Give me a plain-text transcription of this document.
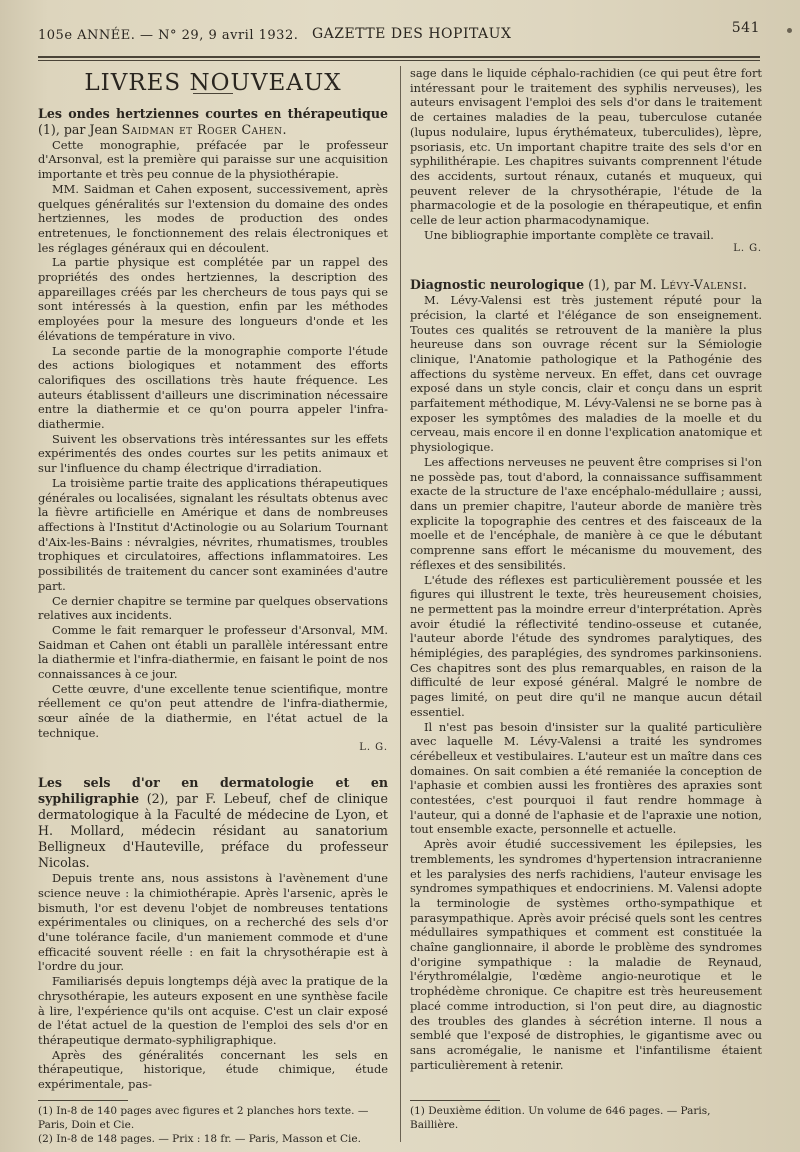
105e ANNÉE. — N° 29, 9 avril 1932. GAZETTE DES HOPITAUX	541
LIVRES NOUVEAUX

Les ondes hertziennes courtes en thérapeutique (1), par Jean Saidman et Roger Cahen.

Cette monographie, préfacée par le professeur d'Arsonval, est la première qui paraisse sur une acquisition importante et très peu connue de la physiothérapie.

MM. Saidman et Cahen exposent, successivement, après quelques généralités sur l'extension du domaine des ondes hertziennes, les modes de production des ondes entretenues, le fonctionnement des relais électroniques et les réglages généraux qui en découlent.

La partie physique est complétée par un rappel des propriétés des ondes hertziennes, la description des appareillages créés par les chercheurs de tous pays qui se sont intéressés à la question, enfin par les méthodes employées pour la mesure des longueurs d'onde et les élévations de température in vivo.

La seconde partie de la monographie comporte l'étude des actions biologiques et notamment des efforts calorifiques des oscillations très haute fréquence. Les auteurs établissent d'ailleurs une discrimination nécessaire entre la diathermie et ce qu'on pourra appeler l'infra-diathermie.

Suivent les observations très intéressantes sur les effets expérimentés des ondes courtes sur les petits animaux et sur l'influence du champ électrique d'irradiation.

La troisième partie traite des applications thérapeutiques générales ou localisées, signalant les résultats obtenus avec la fièvre artificielle en Amérique et dans de nombreuses affections à l'Institut d'Actinologie ou au Solarium Tournant d'Aix-les-Bains : névralgies, névrites, rhumatismes, troubles trophiques et circulatoires, affections inflammatoires. Les possibilités de traitement du cancer sont examinées d'autre part.

Ce dernier chapitre se termine par quelques observations relatives aux incidents.

Comme le fait remarquer le professeur d'Arsonval, MM. Saidman et Cahen ont établi un parallèle intéressant entre la diathermie et l'infra-diathermie, en faisant le point de nos connaissances à ce jour.

Cette œuvre, d'une excellente tenue scientifique, montre réellement ce qu'on peut attendre de l'infra-diathermie, sœur aînée de la diathermie, en l'état actuel de la technique.

L. G.

Les sels d'or en dermatologie et en syphiligraphie (2), par F. Lebeuf, chef de clinique dermatologique à la Faculté de médecine de Lyon, et H. Mollard, médecin résidant au sanatorium Belligneux d'Hauteville, préface du professeur Nicolas.

Depuis trente ans, nous assistons à l'avènement d'une science neuve : la chimiothérapie. Après l'arsenic, après le bismuth, l'or est devenu l'objet de nombreuses tentations expérimentales ou cliniques, on a recherché des sels d'or d'une tolérance facile, d'un maniement commode et d'une efficacité souvent réelle : en fait la chrysothérapie est à l'ordre du jour.

Familiarisés depuis longtemps déjà avec la pratique de la chrysothérapie, les auteurs exposent en une synthèse facile à lire, l'expérience qu'ils ont acquise. C'est un clair exposé de l'état actuel de la question de l'emploi des sels d'or en thérapeutique dermato-syphiligraphique.

Après des généralités concernant les sels en thérapeutique, historique, étude chimique, étude expérimentale, pas-

sage dans le liquide céphalo-rachidien (ce qui peut être fort intéressant pour le traitement des syphilis nerveuses), les auteurs envisagent l'emploi des sels d'or dans le traitement de certaines maladies de la peau, tuberculose cutanée (lupus nodulaire, lupus érythémateux, tuberculides), lèpre, psoriasis, etc. Un important chapitre traite des sels d'or en syphilithérapie. Les chapitres suivants comprennent l'étude des accidents, surtout rénaux, cutanés et muqueux, qui peuvent relever de la chrysothérapie, l'étude de la pharmacologie et de la posologie en thérapeutique, et enfin celle de leur action pharmacodynamique.

Une bibliographie importante complète ce travail.

L. G.

Diagnostic neurologique (1), par M. Lévy-Valensi.

M. Lévy-Valensi est très justement réputé pour la précision, la clarté et l'élégance de son enseignement. Toutes ces qualités se retrouvent de la manière la plus heureuse dans son ouvrage récent sur la Sémiologie clinique, l'Anatomie pathologique et la Pathogénie des affections du système nerveux. En effet, dans cet ouvrage exposé dans un style concis, clair et conçu dans un esprit parfaitement méthodique, M. Lévy-Valensi ne se borne pas à exposer les symptômes des maladies de la moelle et du cerveau, mais encore il en donne l'explication anatomique et physiologique.

Les affections nerveuses ne peuvent être comprises si l'on ne possède pas, tout d'abord, la connaissance suffisamment exacte de la structure de l'axe encéphalo-médullaire ; aussi, dans un premier chapitre, l'auteur aborde de manière très explicite la topographie des centres et des faisceaux de la moelle et de l'encéphale, de manière à ce que le débutant comprenne sans effort le mécanisme du mouvement, des réflexes et des sensibilités.

L'étude des réflexes est particulièrement poussée et les figures qui illustrent le texte, très heureusement choisies, ne permettent pas la moindre erreur d'interprétation. Après avoir étudié la réflectivité tendino-osseuse et cutanée, l'auteur aborde l'étude des syndromes paralytiques, des hémiplégies, des paraplégies, des syndromes parkinsoniens. Ces chapitres sont des plus remarquables, en raison de la difficulté de leur exposé général. Malgré le nombre de pages limité, on peut dire qu'il ne manque aucun détail essentiel.

Il n'est pas besoin d'insister sur la qualité particulière avec laquelle M. Lévy-Valensi a traité les syndromes cérébelleux et vestibulaires. L'auteur est un maître dans ces domaines. On sait combien a été remaniée la conception de l'aphasie et combien aussi les frontières des apraxies sont contestées, c'est pourquoi il faut rendre hommage à l'auteur, qui a donné de l'aphasie et de l'apraxie une notion, tout ensemble exacte, personnelle et actuelle.

Après avoir étudié successivement les épilepsies, les tremblements, les syndromes d'hypertension intracranienne et les paralysies des nerfs rachidiens, l'auteur envisage les syndromes sympathiques et endocriniens. M. Valensi adopte la terminologie de systèmes ortho-sympathique et parasympathique. Après avoir précisé quels sont les centres médullaires sympathiques et comment est constituée la chaîne ganglionnaire, il aborde le problème des syndromes d'origine sympathique : la maladie de Reynaud, l'érythromélalgie, l'œdème angio-neurotique et le trophédème chronique. Ce chapitre est très heureusement placé comme introduction, si l'on peut dire, au diagnostic des troubles des glandes à sécrétion interne. Il nous a semblé que l'exposé de distrophies, le gigantisme avec ou sans acromégalie, le nanisme et l'infantilisme étaient particulièrement à retenir.

(1) In-8 de 140 pages avec figures et 2 planches hors texte. — Paris, Doin et Cie.

(2) In-8 de 148 pages. — Prix : 18 fr. — Paris, Masson et Cie.

(1) Deuxième édition. Un volume de 646 pages. — Paris, Baillière.
